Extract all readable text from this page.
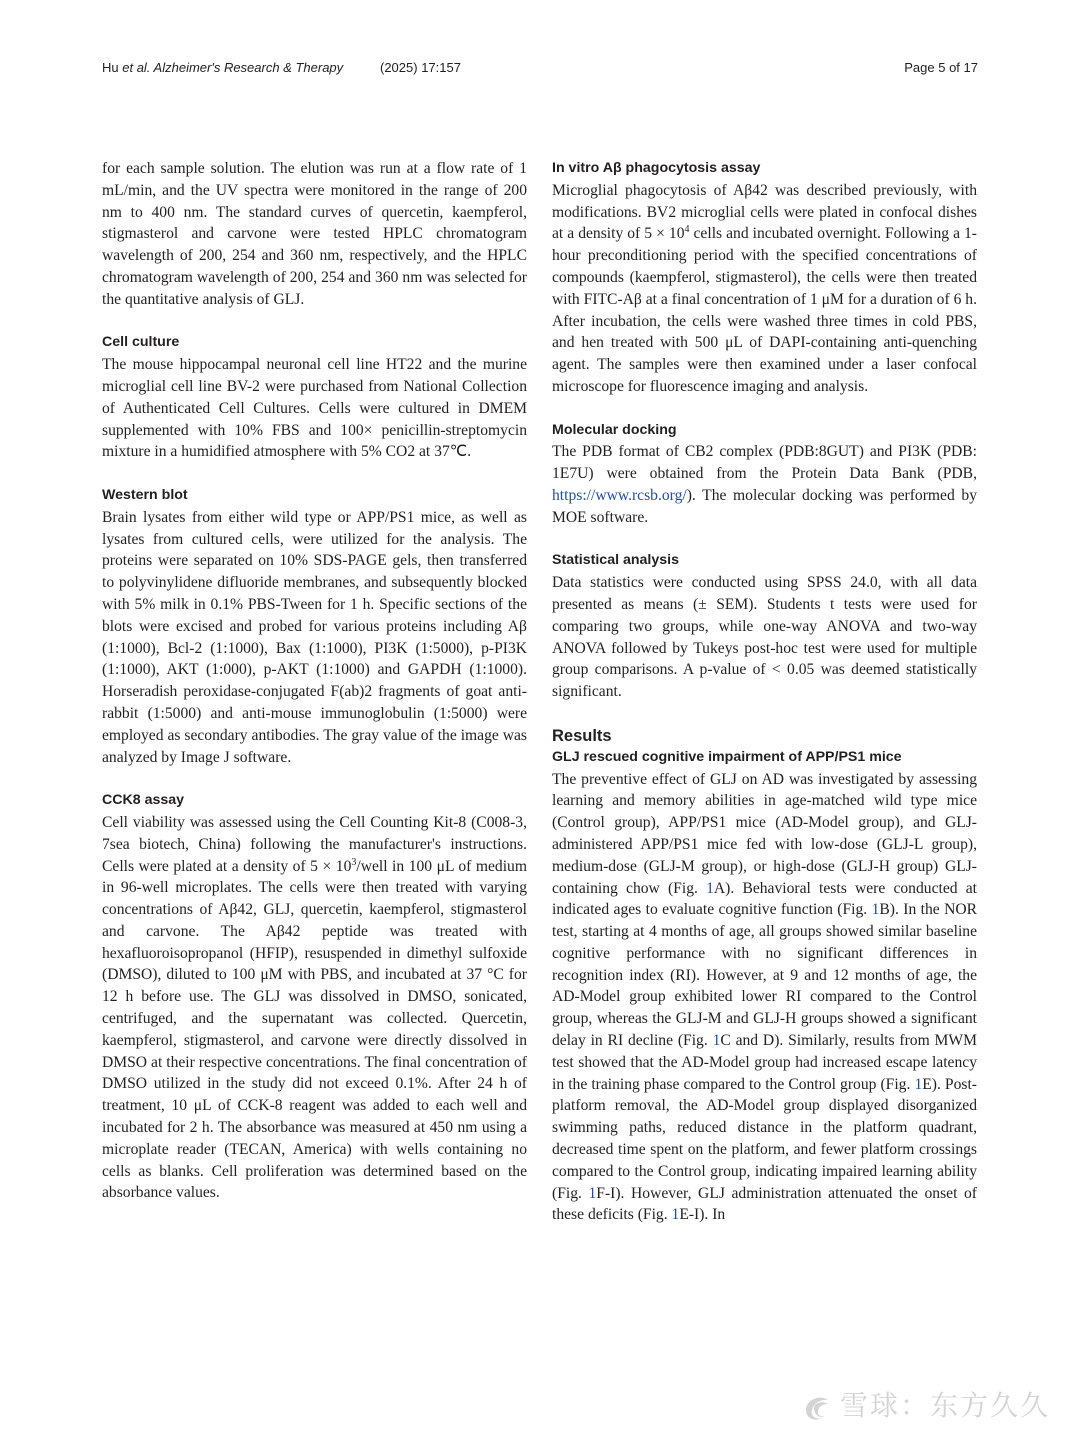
Hu et al. Alzheimer's Research & Therapy	(2025) 17:157	Page 5 of 17

for each sample solution. The elution was run at a flow rate of 1 mL/min, and the UV spectra were monitored in the range of 200 nm to 400 nm. The standard curves of quercetin, kaempferol, stigmasterol and carvone were tested HPLC chromatogram wavelength of 200, 254 and 360 nm, respectively, and the HPLC chromatogram wavelength of 200, 254 and 360 nm was selected for the quantitative analysis of GLJ.

Cell culture

The mouse hippocampal neuronal cell line HT22 and the murine microglial cell line BV-2 were purchased from National Collection of Authenticated Cell Cultures. Cells were cultured in DMEM supplemented with 10% FBS and 100× penicillin-streptomycin mixture in a humidified atmosphere with 5% CO2 at 37℃.

Western blot

Brain lysates from either wild type or APP/PS1 mice, as well as lysates from cultured cells, were utilized for the analysis. The proteins were separated on 10% SDS-PAGE gels, then transferred to polyvinylidene difluoride membranes, and subsequently blocked with 5% milk in 0.1% PBS-Tween for 1 h. Specific sections of the blots were excised and probed for various proteins including Aβ (1:1000), Bcl-2 (1:1000), Bax (1:1000), PI3K (1:5000), p-PI3K (1:1000), AKT (1:000), p-AKT (1:1000) and GAPDH (1:1000). Horseradish peroxidase-conjugated F(ab)2 fragments of goat anti-rabbit (1:5000) and anti-mouse immunoglobulin (1:5000) were employed as secondary antibodies. The gray value of the image was analyzed by Image J software.

CCK8 assay

Cell viability was assessed using the Cell Counting Kit-8 (C008-3, 7sea biotech, China) following the manufacturer's instructions. Cells were plated at a density of $5 \times 10^3$/well in 100 μL of medium in 96-well microplates. The cells were then treated with varying concentrations of Aβ42, GLJ, quercetin, kaempferol, stigmasterol and carvone. The Aβ42 peptide was treated with hexafluoroisopropanol (HFIP), resuspended in dimethyl sulfoxide (DMSO), diluted to 100 μM with PBS, and incubated at 37 °C for 12 h before use. The GLJ was dissolved in DMSO, sonicated, centrifuged, and the supernatant was collected. Quercetin, kaempferol, stigmasterol, and carvone were directly dissolved in DMSO at their respective concentrations. The final concentration of DMSO utilized in the study did not exceed 0.1%. After 24 h of treatment, 10 μL of CCK-8 reagent was added to each well and incubated for 2 h. The absorbance was measured at 450 nm using a microplate reader (TECAN, America) with wells containing no cells as blanks. Cell proliferation was determined based on the absorbance values.

In vitro Aβ phagocytosis assay

Microglial phagocytosis of Aβ42 was described previously, with modifications. BV2 microglial cells were plated in confocal dishes at a density of $5 \times 10^4$ cells and incubated overnight. Following a 1-hour preconditioning period with the specified concentrations of compounds (kaempferol, stigmasterol), the cells were then treated with FITC-Aβ at a final concentration of 1 μM for a duration of 6 h. After incubation, the cells were washed three times in cold PBS, and hen treated with 500 μL of DAPI-containing anti-quenching agent. The samples were then examined under a laser confocal microscope for fluorescence imaging and analysis.

Molecular docking

The PDB format of CB2 complex (PDB:8GUT) and PI3K (PDB: 1E7U) were obtained from the Protein Data Bank (PDB, https://www.rcsb.org/). The molecular docking was performed by MOE software.

Statistical analysis

Data statistics were conducted using SPSS 24.0, with all data presented as means (± SEM). Students t tests were used for comparing two groups, while one-way ANOVA and two-way ANOVA followed by Tukeys post-hoc test were used for multiple group comparisons. A p-value of < 0.05 was deemed statistically significant.

Results
GLJ rescued cognitive impairment of APP/PS1 mice

The preventive effect of GLJ on AD was investigated by assessing learning and memory abilities in age-matched wild type mice (Control group), APP/PS1 mice (AD-Model group), and GLJ-administered APP/PS1 mice fed with low-dose (GLJ-L group), medium-dose (GLJ-M group), or high-dose (GLJ-H group) GLJ-containing chow (Fig. 1A). Behavioral tests were conducted at indicated ages to evaluate cognitive function (Fig. 1B). In the NOR test, starting at 4 months of age, all groups showed similar baseline cognitive performance with no significant differences in recognition index (RI). However, at 9 and 12 months of age, the AD-Model group exhibited lower RI compared to the Control group, whereas the GLJ-M and GLJ-H groups showed a significant delay in RI decline (Fig. 1C and D). Similarly, results from MWM test showed that the AD-Model group had increased escape latency in the training phase compared to the Control group (Fig. 1E). Post-platform removal, the AD-Model group displayed disorganized swimming paths, reduced distance in the platform quadrant, decreased time spent on the platform, and fewer platform crossings compared to the Control group, indicating impaired learning ability (Fig. 1F-I). However, GLJ administration attenuated the onset of these deficits (Fig. 1E-I). In

雪球：东方久久
